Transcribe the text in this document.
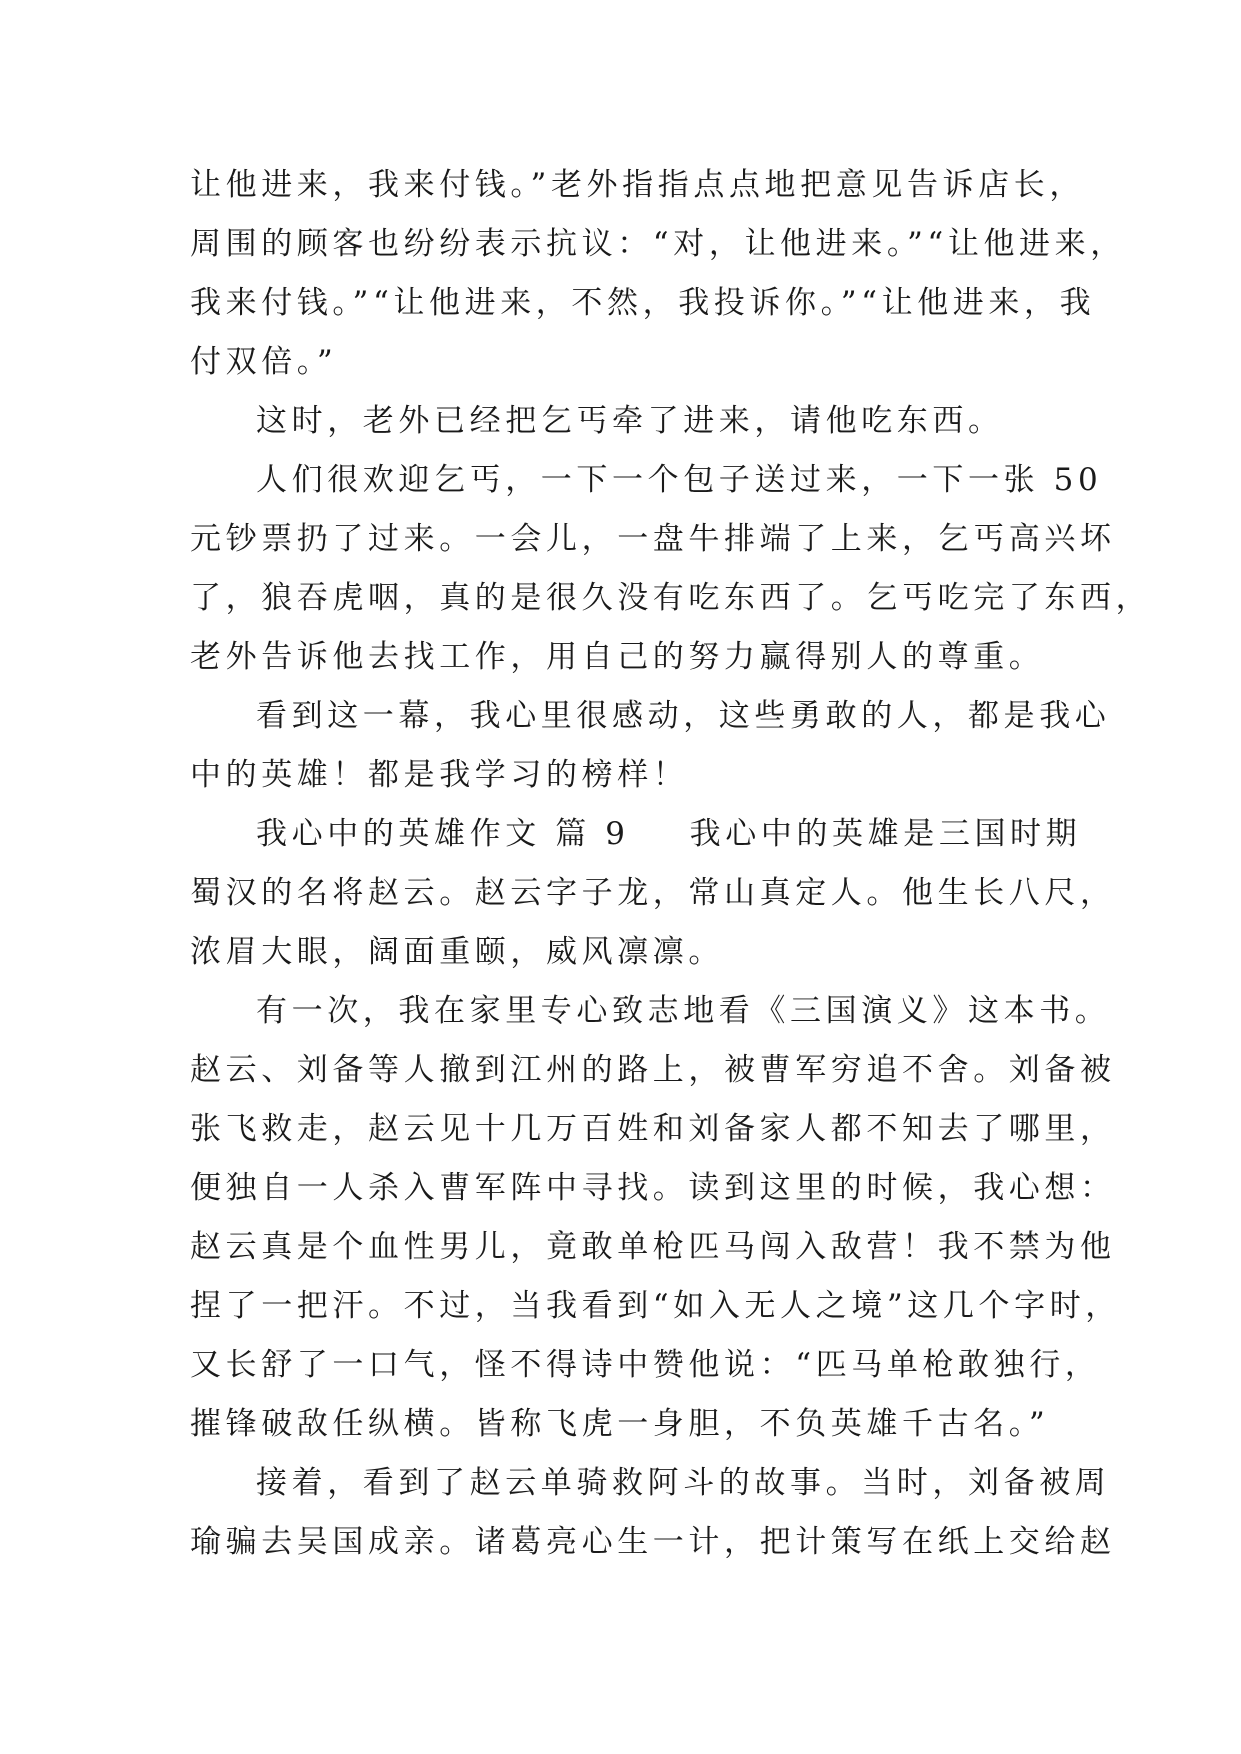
让他进来，我来付钱。”老外指指点点地把意见告诉店长，
周围的顾客也纷纷表示抗议：“对，让他进来。”“让他进来，
我来付钱。”“让他进来，不然，我投诉你。”“让他进来，我
付双倍。”
这时，老外已经把乞丐牵了进来，请他吃东西。
人们很欢迎乞丐，一下一个包子送过来，一下一张 50
元钞票扔了过来。一会儿，一盘牛排端了上来，乞丐高兴坏
了，狼吞虎咽，真的是很久没有吃东西了。乞丐吃完了东西，
老外告诉他去找工作，用自己的努力赢得别人的尊重。
看到这一幕，我心里很感动，这些勇敢的人，都是我心
中的英雄！都是我学习的榜样！
我心中的英雄作文 篇 9 我心中的英雄是三国时期
蜀汉的名将赵云。赵云字子龙，常山真定人。他生长八尺，
浓眉大眼，阔面重颐，威风凛凛。
有一次，我在家里专心致志地看《三国演义》这本书。
赵云、刘备等人撤到江州的路上，被曹军穷追不舍。刘备被
张飞救走，赵云见十几万百姓和刘备家人都不知去了哪里，
便独自一人杀入曹军阵中寻找。读到这里的时候，我心想：
赵云真是个血性男儿，竟敢单枪匹马闯入敌营！我不禁为他
捏了一把汗。不过，当我看到“如入无人之境”这几个字时，
又长舒了一口气，怪不得诗中赞他说：“匹马单枪敢独行，
摧锋破敌任纵横。皆称飞虎一身胆，不负英雄千古名。”
接着，看到了赵云单骑救阿斗的故事。当时，刘备被周
瑜骗去吴国成亲。诸葛亮心生一计，把计策写在纸上交给赵
